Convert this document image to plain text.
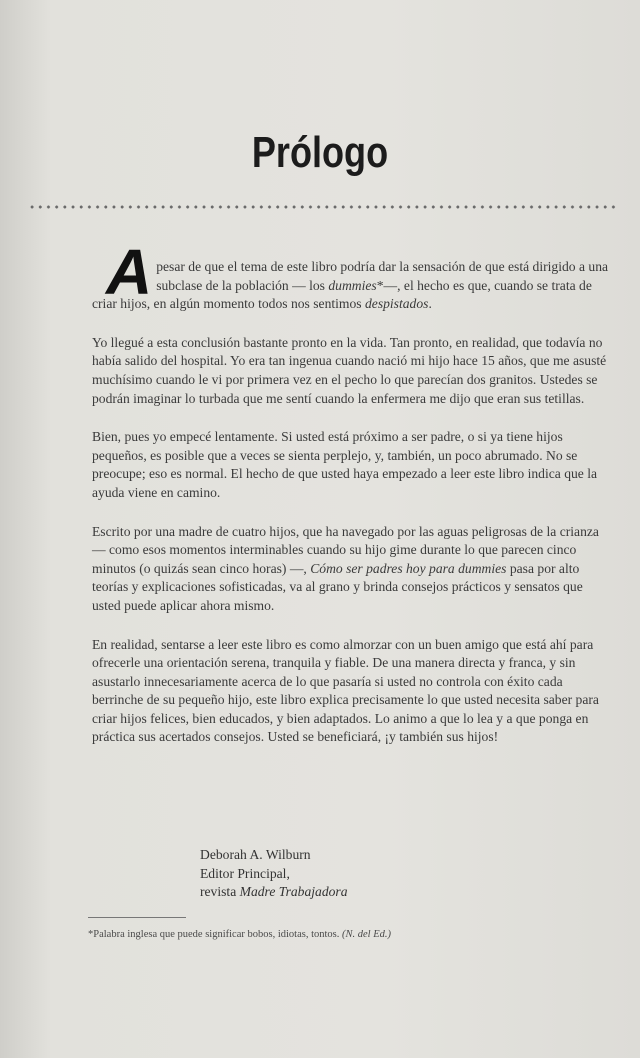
Prólogo

Apesar de que el tema de este libro podría dar la sensación de que está dirigido a una subclase de la población — los dummies*—, el hecho es que, cuando se trata de criar hijos, en algún momento todos nos sentimos despistados.

Yo llegué a esta conclusión bastante pronto en la vida. Tan pronto, en realidad, que todavía no había salido del hospital. Yo era tan ingenua cuando nació mi hijo hace 15 años, que me asusté muchísimo cuando le vi por primera vez en el pecho lo que parecían dos granitos. Ustedes se podrán imaginar lo turbada que me sentí cuando la enfermera me dijo que eran sus tetillas.

Bien, pues yo empecé lentamente. Si usted está próximo a ser padre, o si ya tiene hijos pequeños, es posible que a veces se sienta perplejo, y, también, un poco abrumado. No se preocupe; eso es normal. El hecho de que usted haya empezado a leer este libro indica que la ayuda viene en camino.

Escrito por una madre de cuatro hijos, que ha navegado por las aguas peligrosas de la crianza — como esos momentos interminables cuando su hijo gime durante lo que parecen cinco minutos (o quizás sean cinco horas) —, Cómo ser padres hoy para dummies pasa por alto teorías y explicaciones sofisticadas, va al grano y brinda consejos prácticos y sensatos que usted puede aplicar ahora mismo.

En realidad, sentarse a leer este libro es como almorzar con un buen amigo que está ahí para ofrecerle una orientación serena, tranquila y fiable. De una manera directa y franca, y sin asustarlo innecesariamente acerca de lo que pasaría si usted no controla con éxito cada berrinche de su pequeño hijo, este libro explica precisamente lo que usted necesita saber para criar hijos felices, bien educados, y bien adaptados. Lo animo a que lo lea y a que ponga en práctica sus acertados consejos. Usted se beneficiará, ¡y también sus hijos!

Deborah A. Wilburn
Editor Principal,
revista Madre Trabajadora
*Palabra inglesa que puede significar bobos, idiotas, tontos. (N. del Ed.)
